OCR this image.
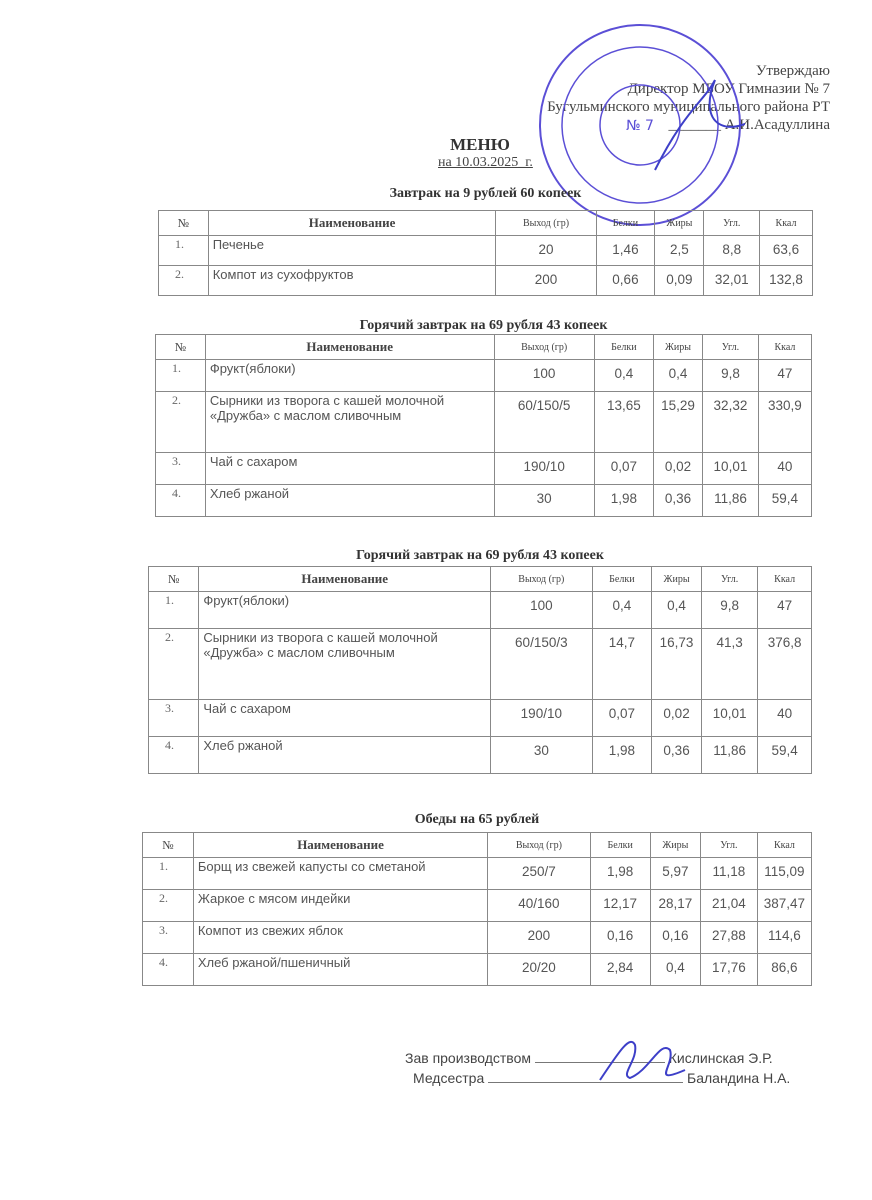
Утверждаю
Директор МБОУ Гимназии № 7
Бугульминского муниципального района РТ
_______ А.И.Асадуллина
№ 7
МЕНЮ
на 10.03.2025_г.
Завтрак на 9 рублей 60 копеек
№	Наименование	Выход (гр)	Белки	Жиры	Угл.	Ккал
1.	Печенье	20	1,46	2,5	8,8	63,6
2.	Компот из сухофруктов	200	0,66	0,09	32,01	132,8
Горячий завтрак на 69 рубля 43 копеек
№	Наименование	Выход (гр)	Белки	Жиры	Угл.	Ккал
1.	Фрукт(яблоки)	100	0,4	0,4	9,8	47
2.	Сырники из творога с кашей молочной «Дружба» с маслом сливочным	60/150/5	13,65	15,29	32,32	330,9
3.	Чай с сахаром	190/10	0,07	0,02	10,01	40
4.	Хлеб ржаной	30	1,98	0,36	11,86	59,4
Горячий завтрак на 69 рубля 43 копеек
№	Наименование	Выход (гр)	Белки	Жиры	Угл.	Ккал
1.	Фрукт(яблоки)	100	0,4	0,4	9,8	47
2.	Сырники из творога с кашей молочной «Дружба» с маслом сливочным	60/150/3	14,7	16,73	41,3	376,8
3.	Чай с сахаром	190/10	0,07	0,02	10,01	40
4.	Хлеб ржаной	30	1,98	0,36	11,86	59,4
Обеды на 65 рублей
№	Наименование	Выход (гр)	Белки	Жиры	Угл.	Ккал
1.	Борщ из свежей капусты со сметаной	250/7	1,98	5,97	11,18	115,09
2.	Жаркое с мясом индейки	40/160	12,17	28,17	21,04	387,47
3.	Компот из свежих яблок	200	0,16	0,16	27,88	114,6
4.	Хлеб ржаной/пшеничный	20/20	2,84	0,4	17,76	86,6
Зав производством	Кислинская Э.Р.
Медсестра	Баландина Н.А.
